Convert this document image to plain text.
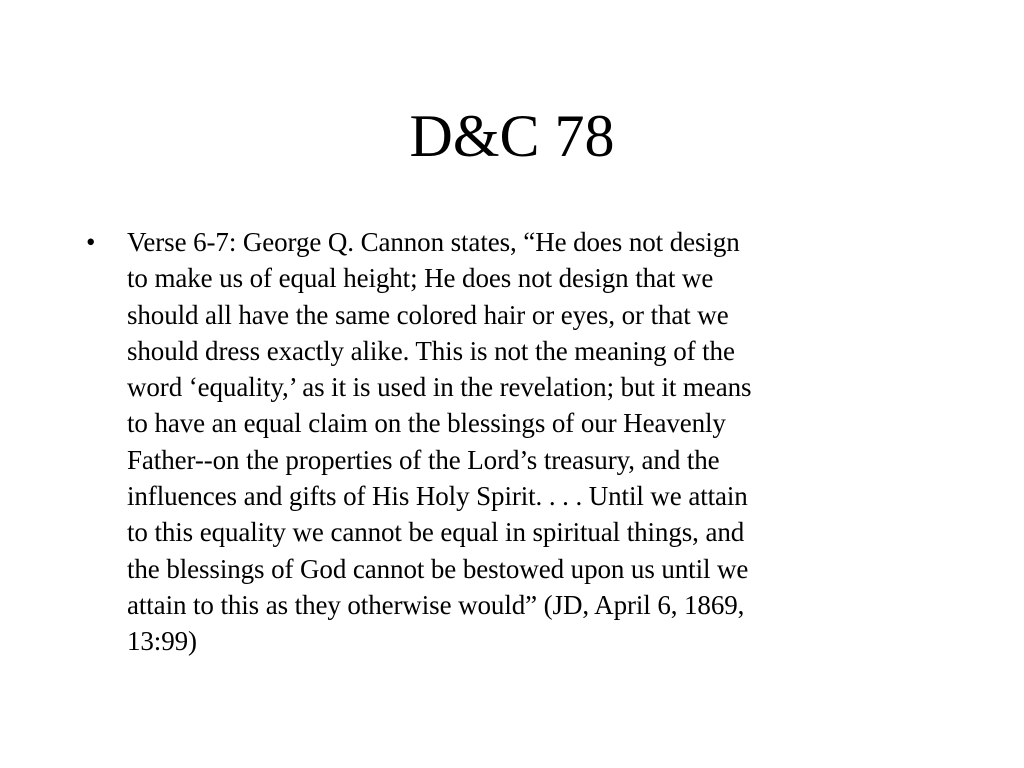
D&C 78
•	Verse 6-7: George Q. Cannon states, “He does not design
to make us of equal height; He does not design that we
should all have the same colored hair or eyes, or that we
should dress exactly alike. This is not the meaning of the
word ‘equality,’ as it is used in the revelation; but it means
to have an equal claim on the blessings of our Heavenly
Father--on the properties of the Lord’s treasury, and the
influences and gifts of His Holy Spirit. . . . Until we attain
to this equality we cannot be equal in spiritual things, and
the blessings of God cannot be bestowed upon us until we
attain to this as they otherwise would” (JD, April 6, 1869,
13:99)
